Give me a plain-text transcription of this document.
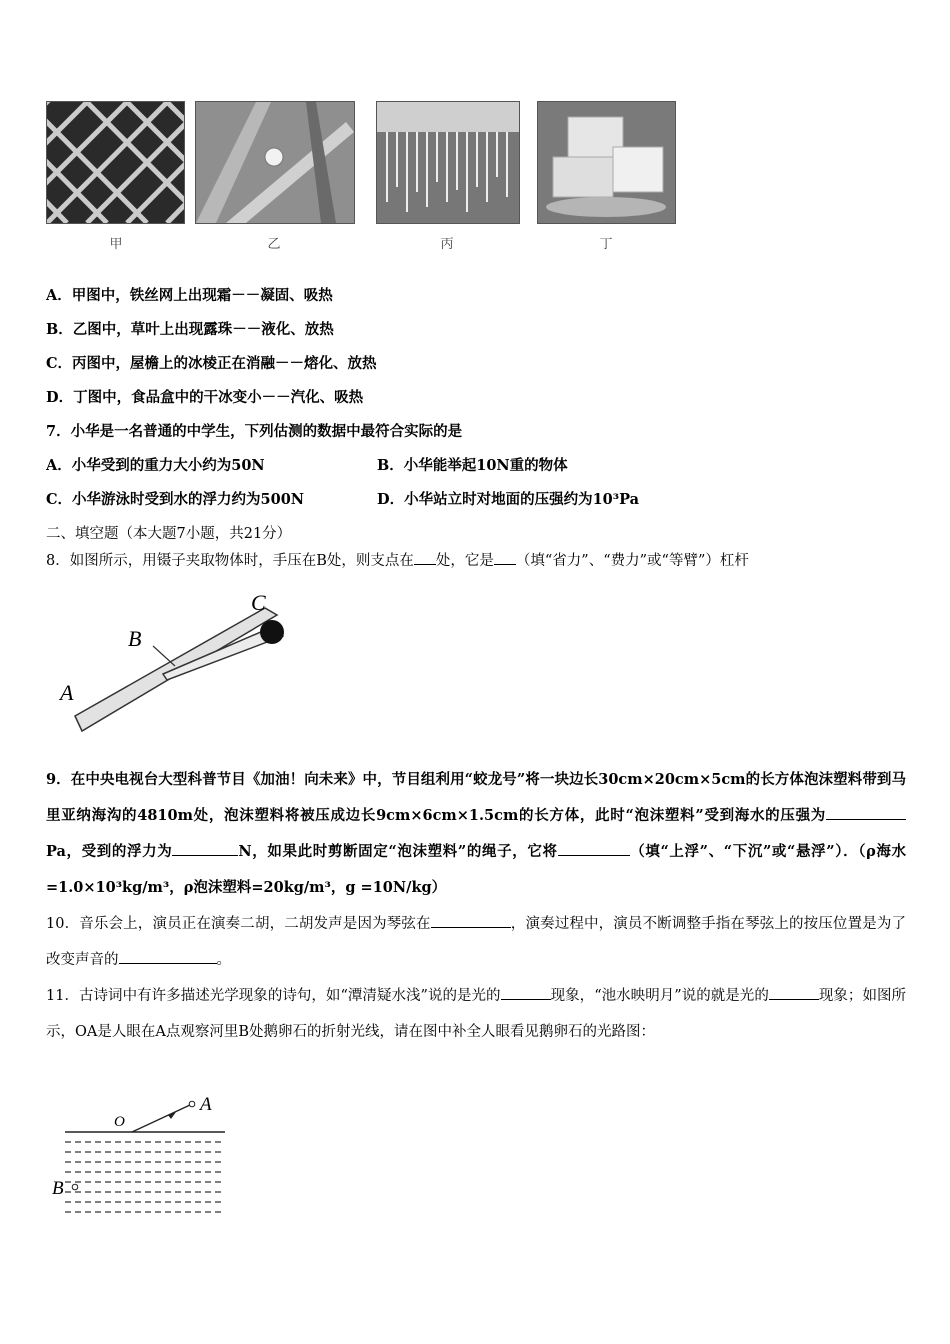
甲	乙	丙	丁
A．甲图中，铁丝网上出现霜－－凝固、吸热
B．乙图中，草叶上出现露珠－－液化、放热
C．丙图中，屋檐上的冰棱正在消融－－熔化、放热
D．丁图中，食品盒中的干冰变小－－汽化、吸热
7．小华是一名普通的中学生，下列估测的数据中最符合实际的是
A．小华受到的重力大小约为50N	B．小华能举起10N重的物体
C．小华游泳时受到水的浮力约为500N	D．小华站立时对地面的压强约为10³Pa
二、填空题（本大题7小题，共21分）
8．如图所示，用镊子夹取物体时，手压在B处，则支点在 处，它是 （填“省力”、“费力”或“等臂”）杠杆
B
C
A
9．在中央电视台大型科普节目《加油！向未来》中，节目组利用“蛟龙号”将一块边长30cm×20cm×5cm的长方体泡沫塑料带到马里亚纳海沟的4810m处，泡沫塑料将被压成边长9cm×6cm×1.5cm的长方体，此时“泡沫塑料”受到海水的压强为Pa，受到的浮力为	N，如果此时剪断固定“泡沫塑料”的绳子，它将	（填“上浮”、“下沉”或“悬浮”）．（ρ海水=1.0×10³kg/m³，ρ泡沫塑料=20kg/m³，g =10N/kg）
10．音乐会上，演员正在演奏二胡，二胡发声是因为琴弦在	，演奏过程中，演员不断调整手指在琴弦上的按压位置是为了改变声音的	。
11．古诗词中有许多描述光学现象的诗句，如“潭清疑水浅”说的是光的	现象，“池水映明月”说的就是光的	现象；如图所示，OA是人眼在A点观察河里B处鹅卵石的折射光线，请在图中补全人眼看见鹅卵石的光路图：
O
A
B
